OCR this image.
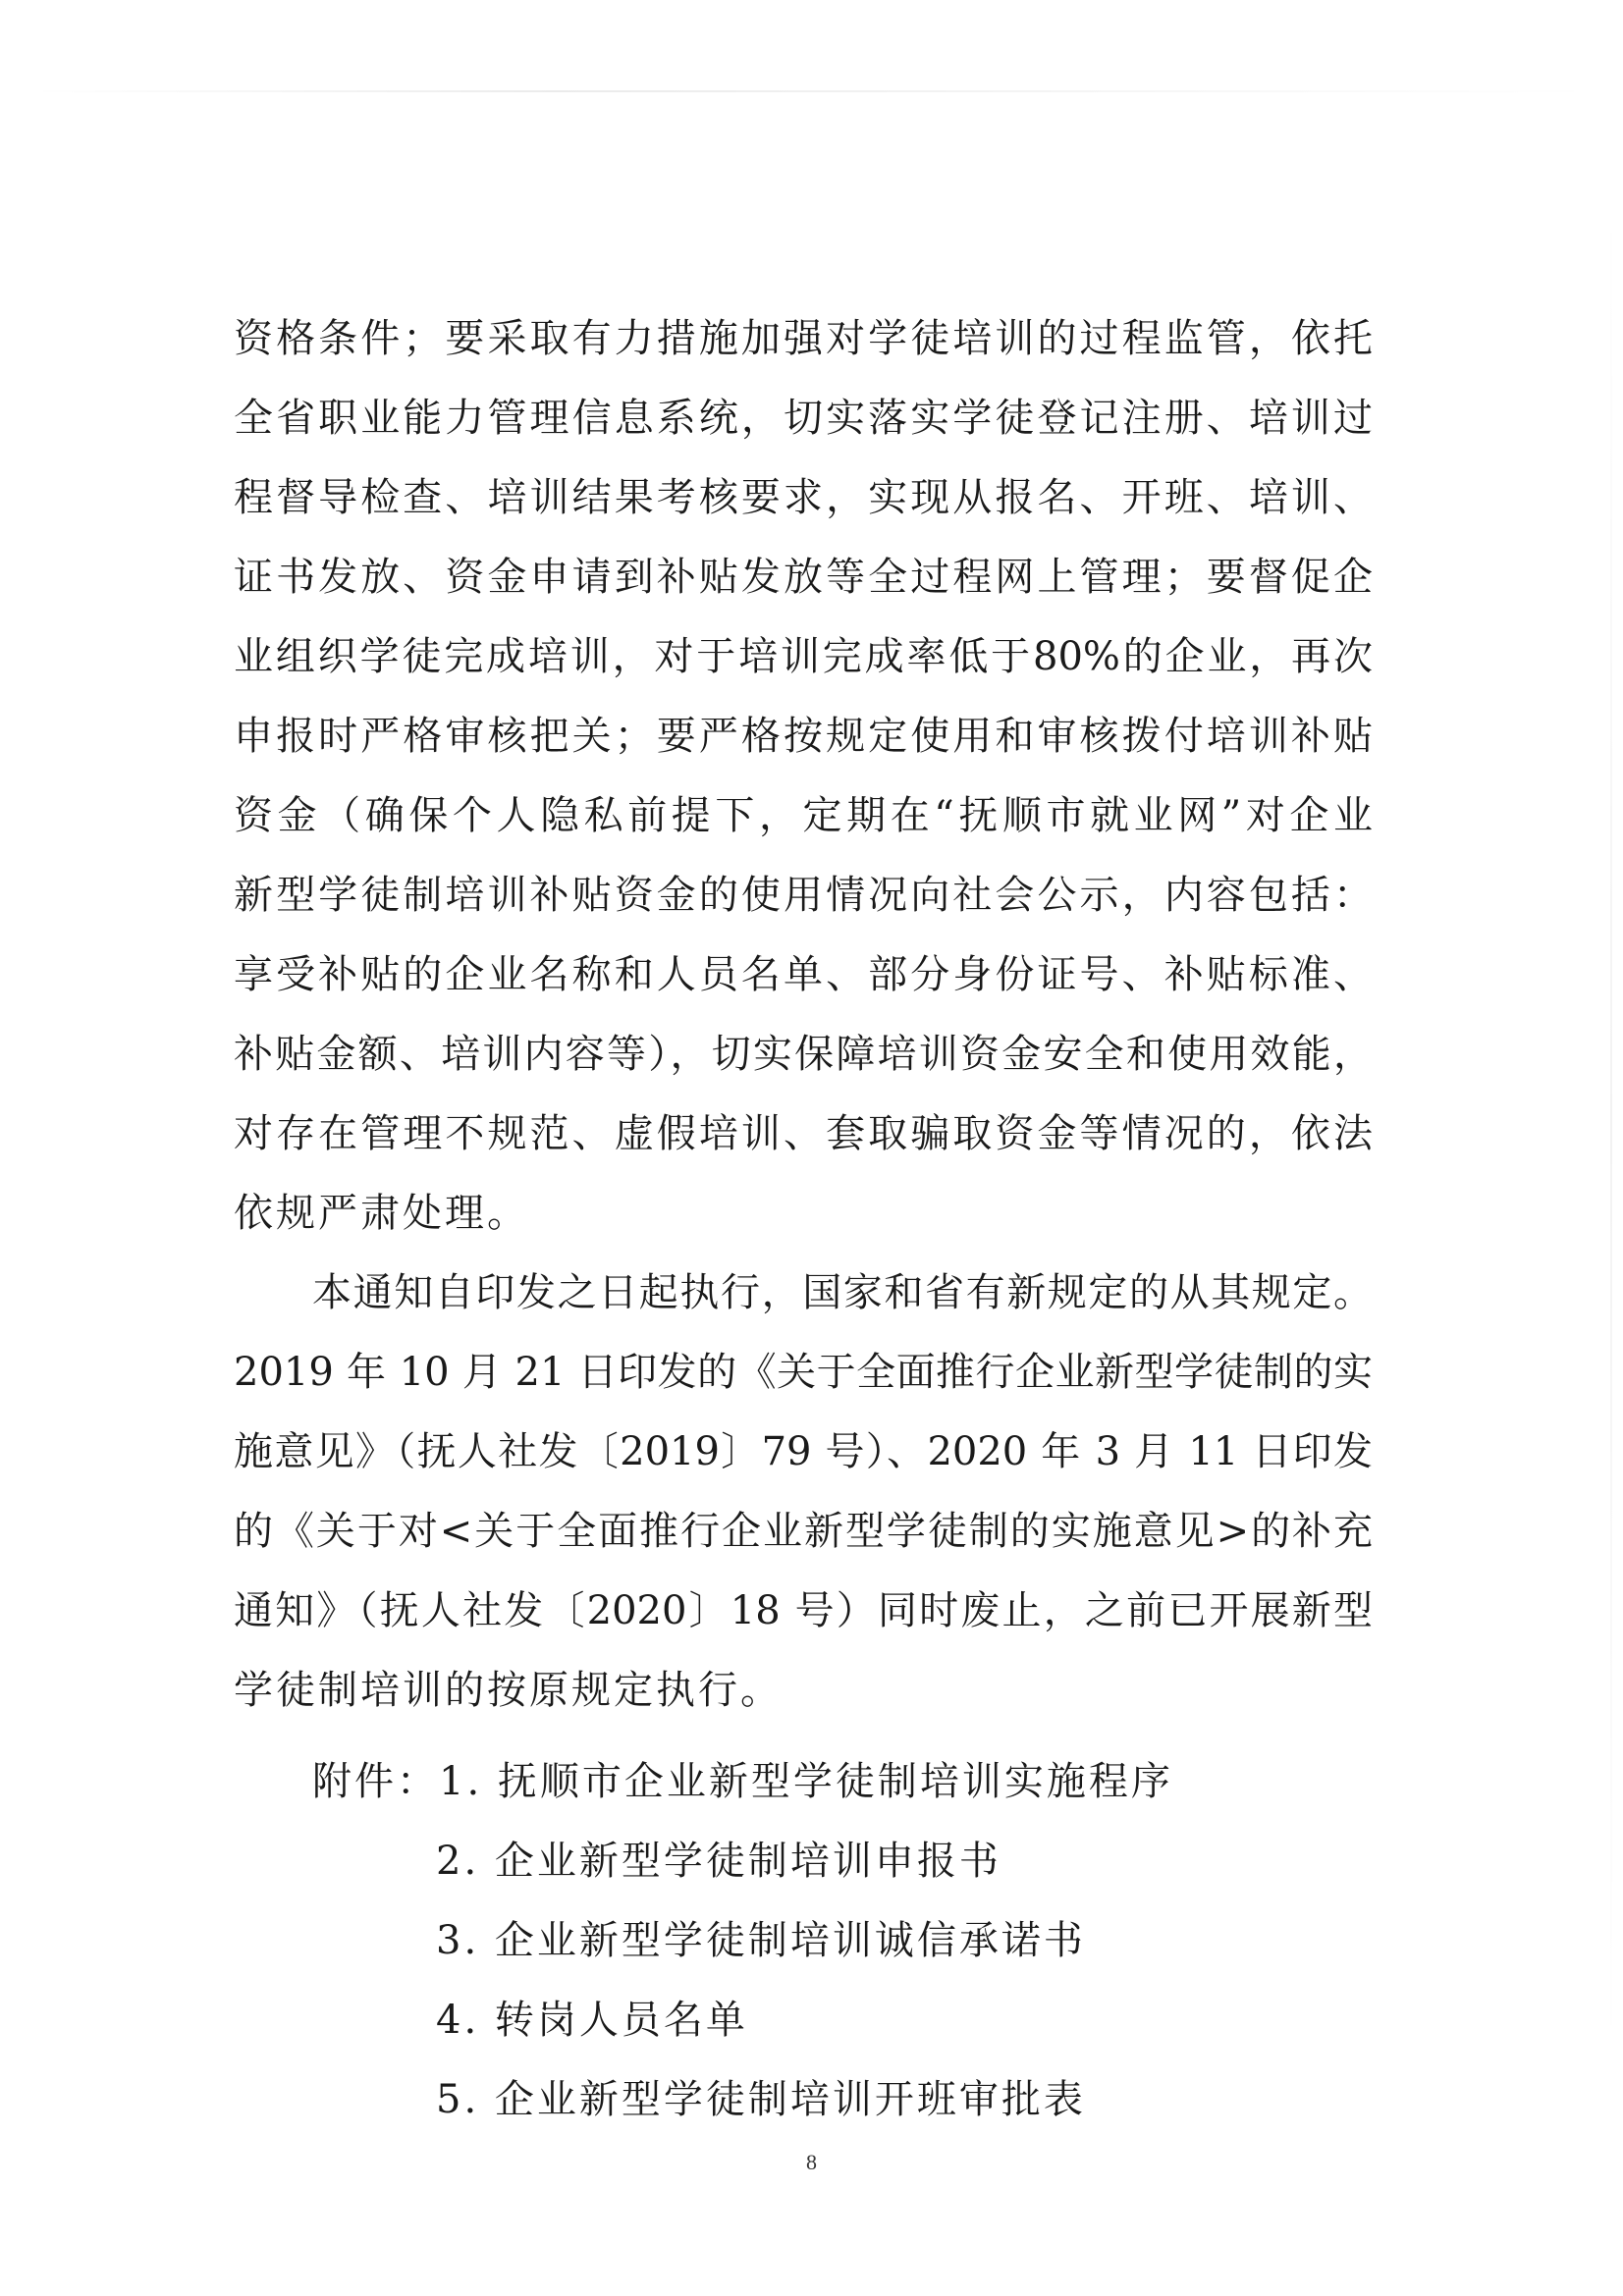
资格条件；要采取有力措施加强对学徒培训的过程监管，依托
全省职业能力管理信息系统，切实落实学徒登记注册、培训过
程督导检查、培训结果考核要求，实现从报名、开班、培训、
证书发放、资金申请到补贴发放等全过程网上管理；要督促企
业组织学徒完成培训，对于培训完成率低于80%的企业，再次
申报时严格审核把关；要严格按规定使用和审核拨付培训补贴
资金（确保个人隐私前提下，定期在“抚顺市就业网”对企业
新型学徒制培训补贴资金的使用情况向社会公示，内容包括：
享受补贴的企业名称和人员名单、部分身份证号、补贴标准、
补贴金额、培训内容等），切实保障培训资金安全和使用效能，
对存在管理不规范、虚假培训、套取骗取资金等情况的，依法
依规严肃处理。
本通知自印发之日起执行，国家和省有新规定的从其规定。
2019 年 10 月 21 日印发的《关于全面推行企业新型学徒制的实
施意见》（抚人社发〔2019〕79 号）、2020 年 3 月 11 日印发
的《关于对<关于全面推行企业新型学徒制的实施意见>的补充
通知》（抚人社发〔2020〕18 号）同时废止，之前已开展新型
学徒制培训的按原规定执行。
附件：1. 抚顺市企业新型学徒制培训实施程序
2. 企业新型学徒制培训申报书
3. 企业新型学徒制培训诚信承诺书
4. 转岗人员名单
5. 企业新型学徒制培训开班审批表
8
